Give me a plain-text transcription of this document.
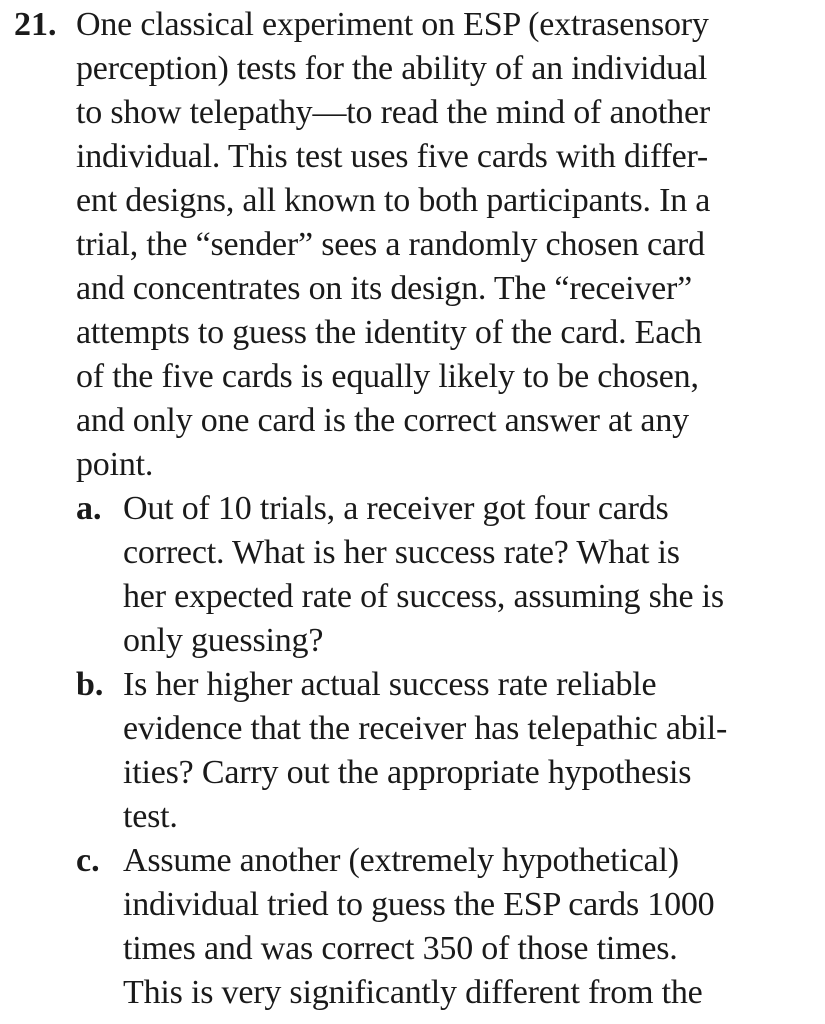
21. One classical experiment on ESP (extrasensory
perception) tests for the ability of an individual
to show telepathy—to read the mind of another
individual. This test uses five cards with differ-
ent designs, all known to both participants. In a
trial, the “sender” sees a randomly chosen card
and concentrates on its design. The “receiver”
attempts to guess the identity of the card. Each
of the five cards is equally likely to be chosen,
and only one card is the correct answer at any
point.
a. Out of 10 trials, a receiver got four cards
correct. What is her success rate? What is
her expected rate of success, assuming she is
only guessing?
b. Is her higher actual success rate reliable
evidence that the receiver has telepathic abil-
ities? Carry out the appropriate hypothesis
test.
c. Assume another (extremely hypothetical)
individual tried to guess the ESP cards 1000
times and was correct 350 of those times.
This is very significantly different from the
